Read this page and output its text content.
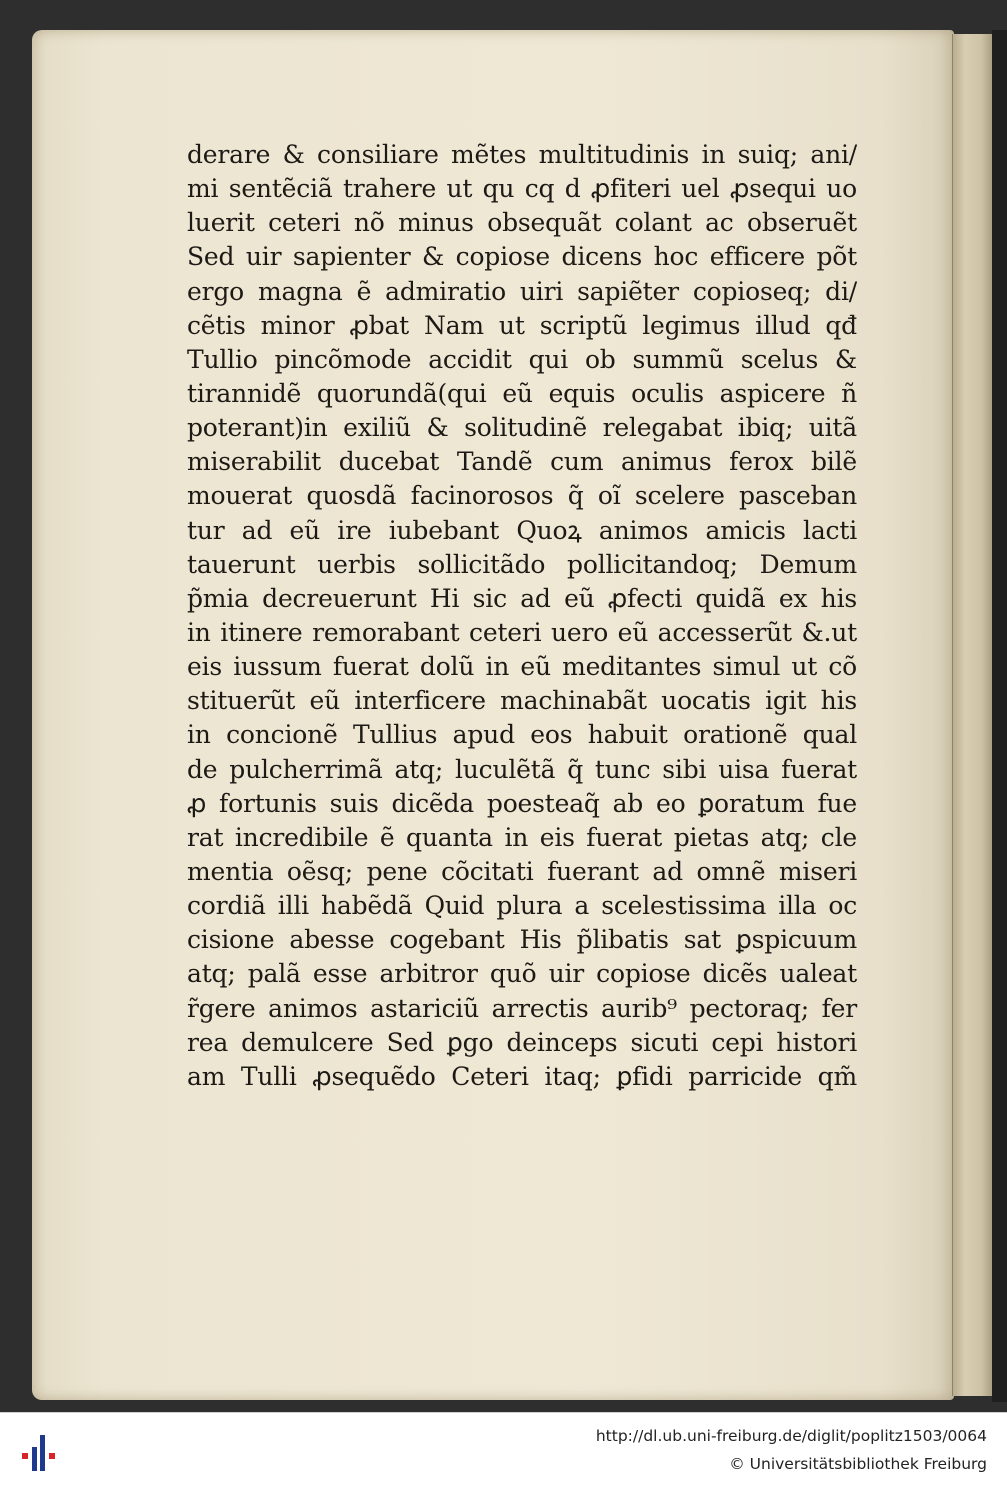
derare & consiliare mẽtes multitudinis in suiq; ani/
mi sentẽciã trahere ut qu cq d ꝓfiteri uel ꝓsequi uo
luerit ceteri nõ minus obsequãt colant ac obseruẽt
Sed uir sapienter & copiose dicens hoc efficere põt
ergo magna ẽ admiratio uiri sapiẽter copioseq; di/
cẽtis minor ꝓbat Nam ut scriptũ legimus illud qđ
Tullio pincõmode accidit qui ob summũ scelus &
tirannidẽ quorundã(qui eũ equis oculis aspicere ñ
poterant)in exiliũ & solitudinẽ relegabat ibiq; uitã
miserabilit ducebat Tandẽ cum animus ferox bilẽ
mouerat quosdã facinorosos q̃ oĩ scelere pasceban
tur ad eũ ire iubebant Quoꝝ animos amicis lacti
tauerunt uerbis sollicitãdo pollicitandoq; Demum
p̃mia decreuerunt Hi sic ad eũ ꝓfecti quidã ex his
in itinere remorabant ceteri uero eũ accesserũt &.ut
eis iussum fuerat dolũ in eũ meditantes simul ut cõ
stituerũt eũ interficere machinabãt uocatis igit his
in concionẽ Tullius apud eos habuit orationẽ qual
de pulcherrimã atq; luculẽtã q̃ tunc sibi uisa fuerat
ꝓ fortunis suis dicẽda poesteaq̃ ab eo ꝑoratum fue
rat incredibile ẽ quanta in eis fuerat pietas atq; cle
mentia oẽsq; pene cõcitati fuerant ad omnẽ miseri
cordiã illi habẽdã Quid plura a scelestissima illa oc
cisione abesse cogebant His p̃libatis sat ꝑspicuum
atq; palã esse arbitror quõ uir copiose dicẽs ualeat
r̃gere animos astariciũ arrectis aurib⁹ pectoraq; fer
rea demulcere Sed ꝑgo deinceps sicuti cepi histori
am Tulli ꝓsequẽdo Ceteri itaq; ꝑfidi parricide qm̃
http://dl.ub.uni-freiburg.de/diglit/poplitz1503/0064
© Universitätsbibliothek Freiburg
